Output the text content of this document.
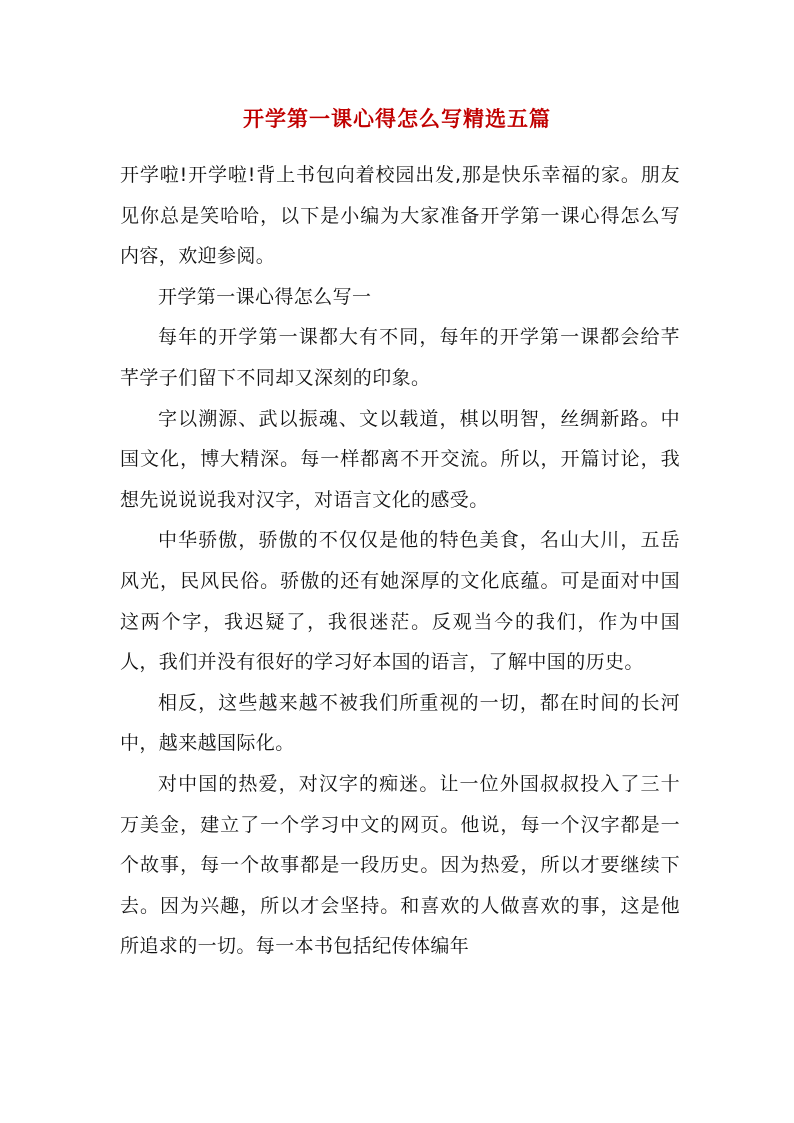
开学第一课心得怎么写精选五篇

开学啦!开学啦!背上书包向着校园出发,那是快乐幸福的家。朋友见你总是笑哈哈，以下是小编为大家准备开学第一课心得怎么写内容，欢迎参阅。

开学第一课心得怎么写一

每年的开学第一课都大有不同，每年的开学第一课都会给芊芊学子们留下不同却又深刻的印象。

字以溯源、武以振魂、文以载道，棋以明智，丝绸新路。中国文化，博大精深。每一样都离不开交流。所以，开篇讨论，我想先说说说我对汉字，对语言文化的感受。

中华骄傲，骄傲的不仅仅是他的特色美食，名山大川，五岳风光，民风民俗。骄傲的还有她深厚的文化底蕴。可是面对中国这两个字，我迟疑了，我很迷茫。反观当今的我们，作为中国人，我们并没有很好的学习好本国的语言，了解中国的历史。

相反，这些越来越不被我们所重视的一切，都在时间的长河中，越来越国际化。

对中国的热爱，对汉字的痴迷。让一位外国叔叔投入了三十万美金，建立了一个学习中文的网页。他说，每一个汉字都是一个故事，每一个故事都是一段历史。因为热爱，所以才要继续下去。因为兴趣，所以才会坚持。和喜欢的人做喜欢的事，这是他所追求的一切。每一本书包括纪传体编年
